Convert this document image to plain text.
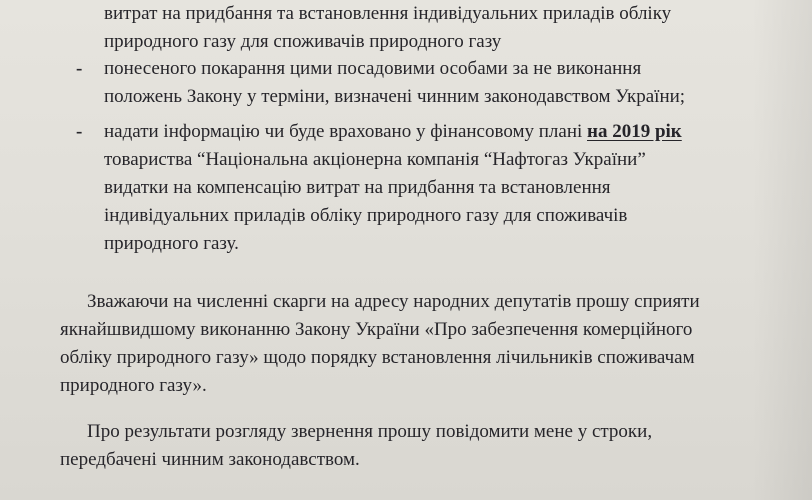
витрат на придбання та встановлення індивідуальних приладів обліку
природного газу для споживачів природного газу
- понесеного покарання цими посадовими особами за не виконання
положень Закону у терміни, визначені чинним законодавством України;
- надати інформацію чи буде враховано у фінансовому плані на 2019 рік
товариства “Національна акціонерна компанія “Нафтогаз України”
видатки на компенсацію витрат на придбання та встановлення
індивідуальних приладів обліку природного газу для споживачів
природного газу.
Зважаючи на численні скарги на адресу народних депутатів прошу сприяти
якнайшвидшому виконанню Закону України «Про забезпечення комерційного
обліку природного газу» щодо порядку встановлення лічильників споживачам
природного газу».
Про результати розгляду звернення прошу повідомити мене у строки,
передбачені чинним законодавством.
